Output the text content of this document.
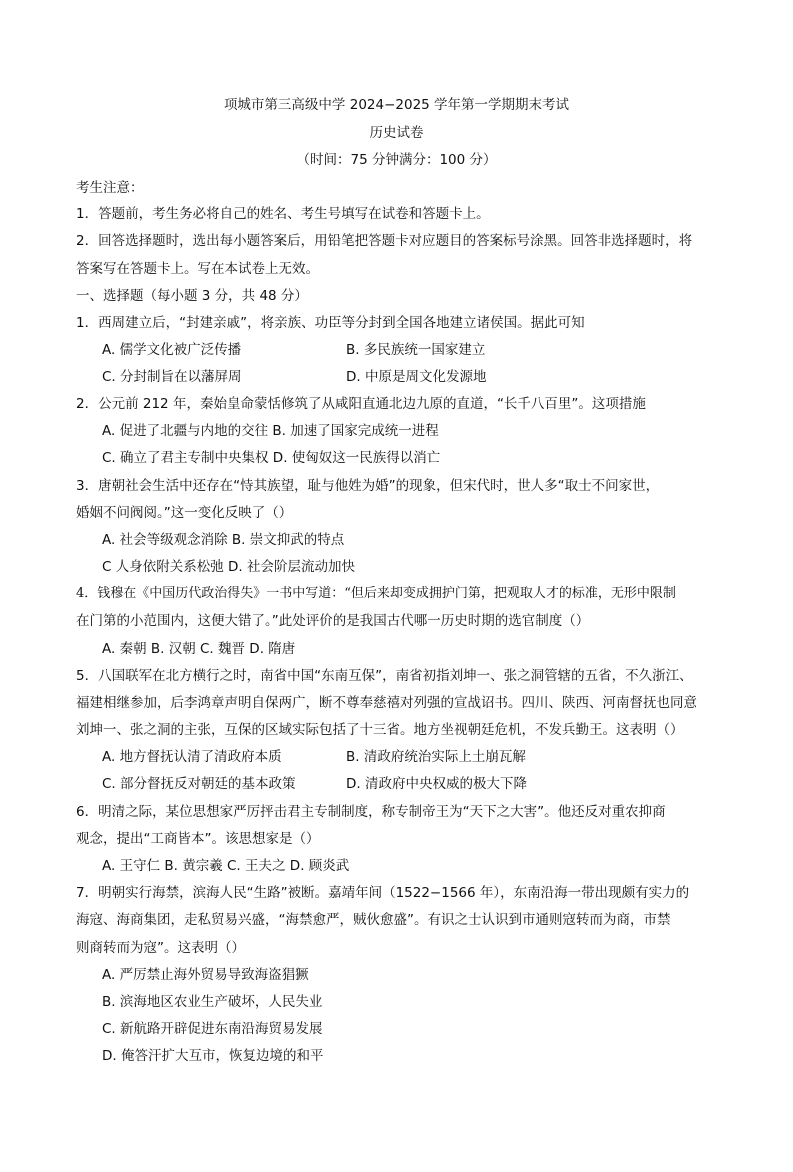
项城市第三高级中学 2024−2025 学年第一学期期末考试
历史试卷
（时间：75 分钟满分：100 分）
考生注意：
1．答题前，考生务必将自己的姓名、考生号填写在试卷和答题卡上。
2．回答选择题时，选出每小题答案后，用铅笔把答题卡对应题目的答案标号涂黑。回答非选择题时，将
答案写在答题卡上。写在本试卷上无效。
一、选择题（每小题 3 分，共 48 分）
1．西周建立后，“封建亲戚”，将亲族、功臣等分封到全国各地建立诸侯国。据此可知
A. 儒学文化被广泛传播	B. 多民族统一国家建立
C. 分封制旨在以藩屏周	D. 中原是周文化发源地
2．公元前 212 年，秦始皇命蒙恬修筑了从咸阳直通北边九原的直道，“长千八百里”。这项措施
A. 促进了北疆与内地的交往 B. 加速了国家完成统一进程
C. 确立了君主专制中央集权 D. 使匈奴这一民族得以消亡
3．唐朝社会生活中还存在“恃其族望，耻与他姓为婚”的现象，但宋代时，世人多“取士不问家世，
婚姻不问阀阅。”这一变化反映了（）
A. 社会等级观念消除 B. 崇文抑武的特点
C 人身依附关系松弛 D. 社会阶层流动加快
4．钱穆在《中国历代政治得失》一书中写道：“但后来却变成拥护门第，把观取人才的标准，无形中限制
在门第的小范围内，这便大错了。”此处评价的是我国古代哪一历史时期的选官制度（）
A. 秦朝 B. 汉朝 C. 魏晋 D. 隋唐
5．八国联军在北方横行之时，南省中国“东南互保”，南省初指刘坤一、张之洞管辖的五省，不久浙江、
福建相继参加，后李鸿章声明自保两广，断不尊奉慈禧对列强的宣战诏书。四川、陕西、河南督抚也同意
刘坤一、张之洞的主张，互保的区域实际包括了十三省。地方坐视朝廷危机，不发兵勤王。这表明（）
A. 地方督抚认清了清政府本质	B. 清政府统治实际上土崩瓦解
C. 部分督抚反对朝廷的基本政策	D. 清政府中央权威的极大下降
6．明清之际，某位思想家严厉抨击君主专制制度，称专制帝王为“天下之大害”。他还反对重农抑商
观念，提出“工商皆本”。该思想家是（）
A. 王守仁 B. 黄宗羲 C. 王夫之 D. 顾炎武
7．明朝实行海禁，滨海人民“生路”被断。嘉靖年间（1522−1566 年），东南沿海一带出现颇有实力的
海寇、海商集团，走私贸易兴盛，“海禁愈严，贼伙愈盛”。有识之士认识到市通则寇转而为商，市禁
则商转而为寇”。这表明（）
A. 严厉禁止海外贸易导致海盗猖獗
B. 滨海地区农业生产破坏，人民失业
C. 新航路开辟促进东南沿海贸易发展
D. 俺答汗扩大互市，恢复边境的和平
